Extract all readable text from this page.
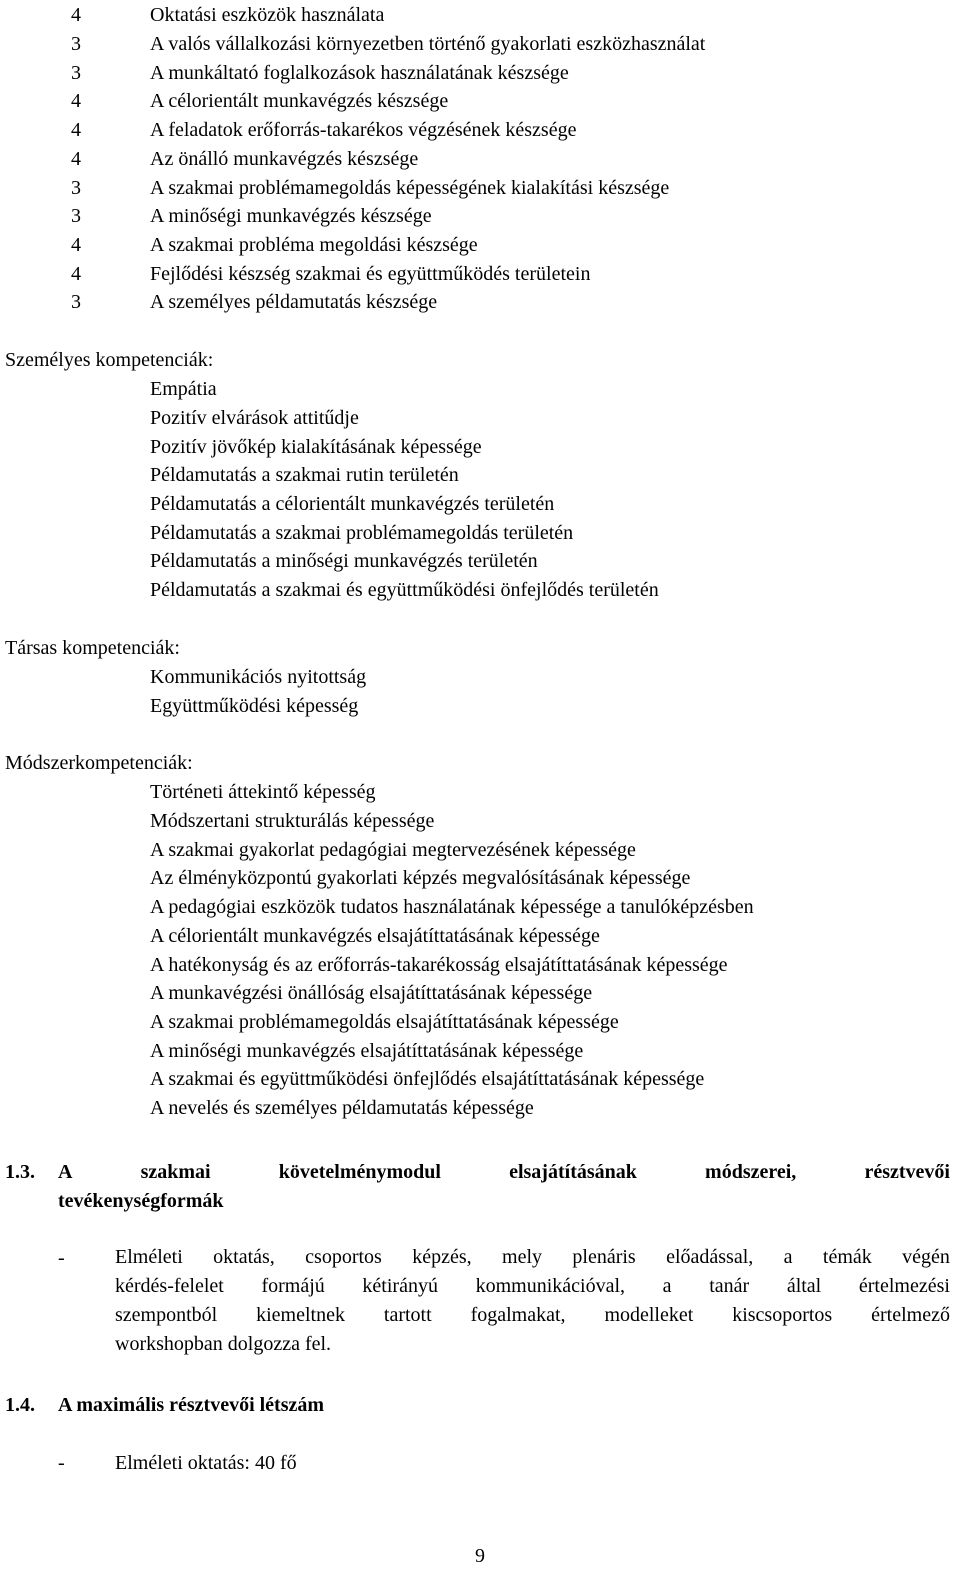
4	Oktatási eszközök használata
3	A valós vállalkozási környezetben történő gyakorlati eszközhasználat
3	A munkáltató foglalkozások használatának készsége
4	A célorientált munkavégzés készsége
4	A feladatok erőforrás-takarékos végzésének készsége
4	Az önálló munkavégzés készsége
3	A szakmai problémamegoldás képességének kialakítási készsége
3	A minőségi munkavégzés készsége
4	A szakmai probléma megoldási készsége
4	Fejlődési készség szakmai és együttműködés területein
3	A személyes példamutatás készsége
Személyes kompetenciák:
Empátia
Pozitív elvárások attitűdje
Pozitív jövőkép kialakításának képessége
Példamutatás a szakmai rutin területén
Példamutatás a célorientált munkavégzés területén
Példamutatás a szakmai problémamegoldás területén
Példamutatás a minőségi munkavégzés területén
Példamutatás a szakmai és együttműködési önfejlődés területén
Társas kompetenciák:
Kommunikációs nyitottság
Együttműködési képesség
Módszerkompetenciák:
Történeti áttekintő képesség
Módszertani strukturálás képessége
A szakmai gyakorlat pedagógiai megtervezésének képessége
Az élményközpontú gyakorlati képzés megvalósításának képessége
A pedagógiai eszközök tudatos használatának képessége a tanulóképzésben
A célorientált munkavégzés elsajátíttatásának képessége
A hatékonyság és az erőforrás-takarékosság elsajátíttatásának képessége
A munkavégzési önállóság elsajátíttatásának képessége
A szakmai problémamegoldás elsajátíttatásának képessége
A minőségi munkavégzés elsajátíttatásának képessége
A szakmai és együttműködési önfejlődés elsajátíttatásának képessége
A nevelés és személyes példamutatás képessége
1.3. A	szakmai	követelménymodul	elsajátításának	módszerei,	résztvevői
tevékenységformák
-	Elméleti oktatás, csoportos képzés, mely plenáris előadással, a témák végén
kérdés-felelet formájú kétirányú kommunikációval, a tanár által értelmezési
szempontból kiemeltnek tartott fogalmakat, modelleket kiscsoportos értelmező
workshopban dolgozza fel.
1.4. A maximális résztvevői létszám
-	Elméleti oktatás: 40 fő
9
